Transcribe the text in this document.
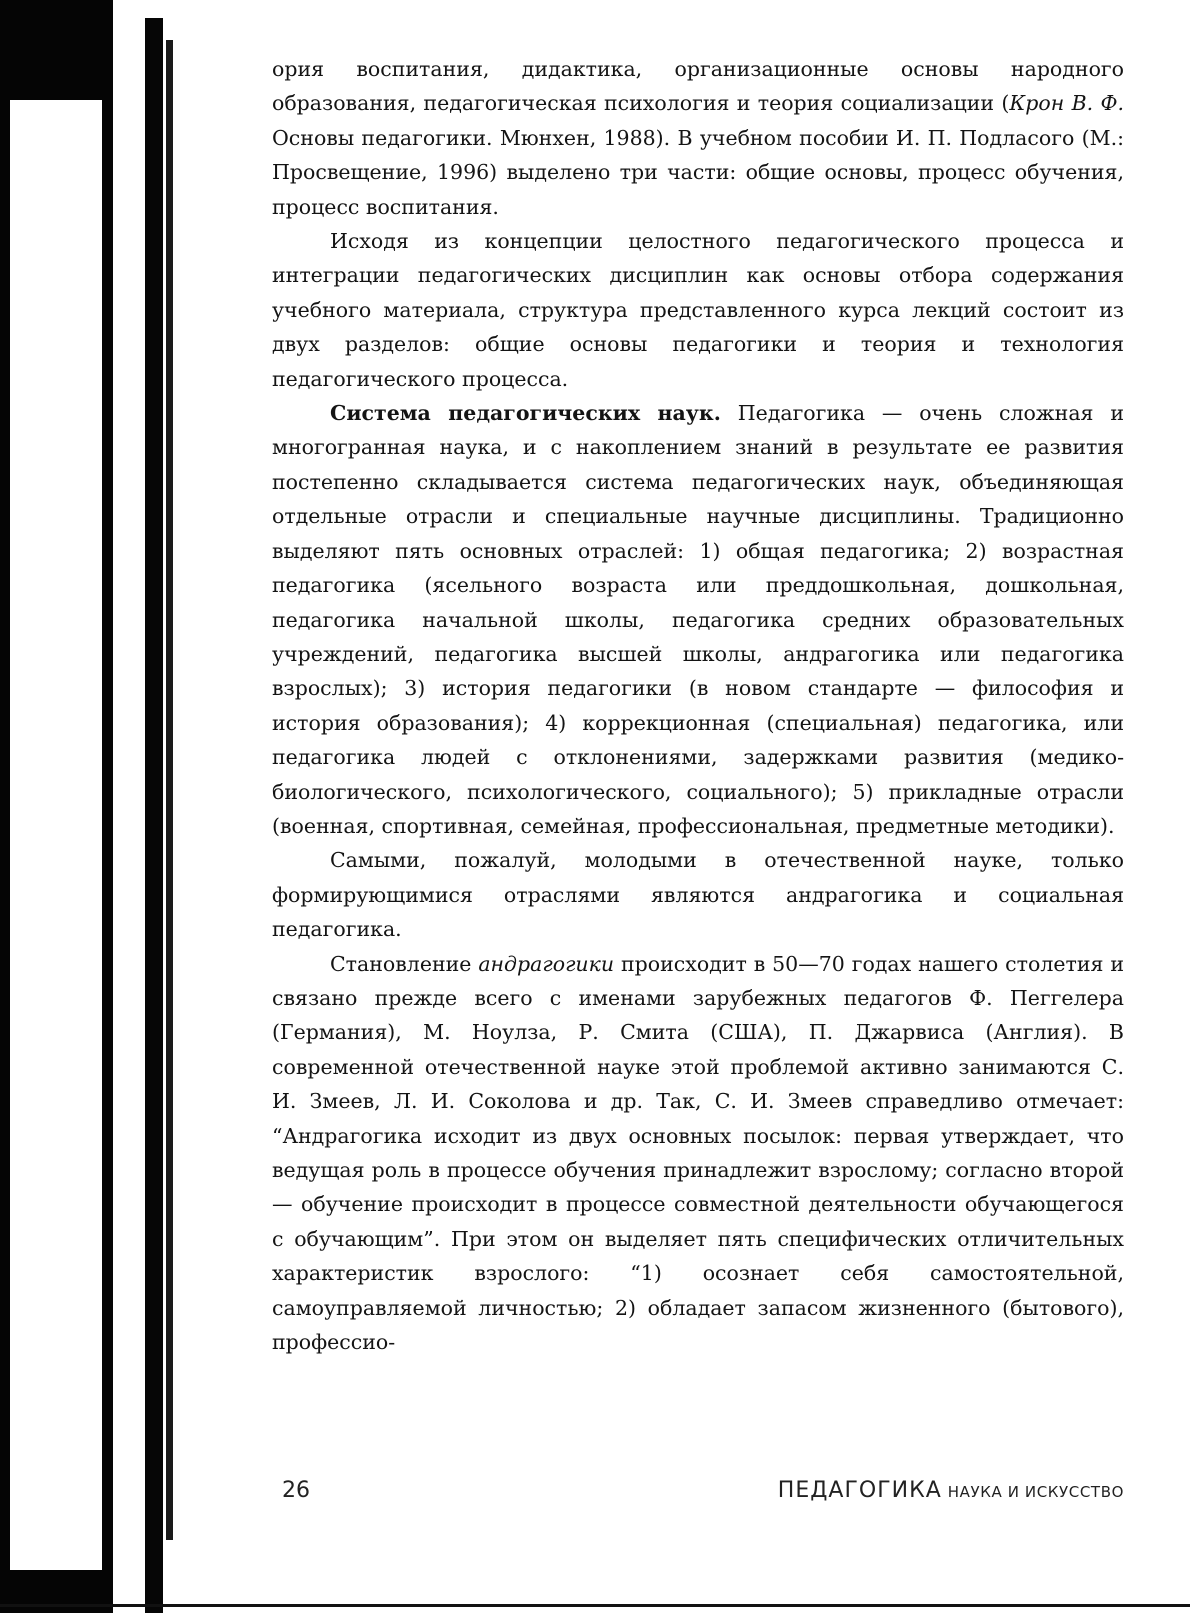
ория воспитания, дидактика, организационные основы народного образования, педагогическая психология и теория социализации (Крон В. Ф. Основы педагогики. Мюнхен, 1988). В учебном пособии И. П. Подласого (М.: Просвещение, 1996) выделено три части: общие основы, процесс обучения, процесс воспитания.

Исходя из концепции целостного педагогического процесса и интеграции педагогических дисциплин как основы отбора содержания учебного материала, структура представленного курса лекций состоит из двух разделов: общие основы педагогики и теория и технология педагогического процесса.

Система педагогических наук. Педагогика — очень сложная и многогранная наука, и с накоплением знаний в результате ее развития постепенно складывается система педагогических наук, объединяющая отдельные отрасли и специальные научные дисциплины. Традиционно выделяют пять основных отраслей: 1) общая педагогика; 2) возрастная педагогика (ясельного возраста или преддошкольная, дошкольная, педагогика начальной школы, педагогика средних образовательных учреждений, педагогика высшей школы, андрагогика или педагогика взрослых); 3) история педагогики (в новом стандарте — философия и история образования); 4) коррекционная (специальная) педагогика, или педагогика людей с отклонениями, задержками развития (медико-биологического, психологического, социального); 5) прикладные отрасли (военная, спортивная, семейная, профессиональная, предметные методики).

Самыми, пожалуй, молодыми в отечественной науке, только формирующимися отраслями являются андрагогика и социальная педагогика.

Становление андрагогики происходит в 50—70 годах нашего столетия и связано прежде всего с именами зарубежных педагогов Ф. Пеггелера (Германия), М. Ноулза, Р. Смита (США), П. Джарвиса (Англия). В современной отечественной науке этой проблемой активно занимаются С. И. Змеев, Л. И. Соколова и др. Так, С. И. Змеев справедливо отмечает: “Андрагогика исходит из двух основных посылок: первая утверждает, что ведущая роль в процессе обучения принадлежит взрослому; согласно второй — обучение происходит в процессе совместной деятельности обучающегося с обучающим”. При этом он выделяет пять специфических отличительных характеристик взрослого: “1) осознает себя самостоятельной, самоуправляемой личностью; 2) обладает запасом жизненного (бытового), профессио-

26	ПЕДАГОГИКА НАУКА И ИСКУССТВО
